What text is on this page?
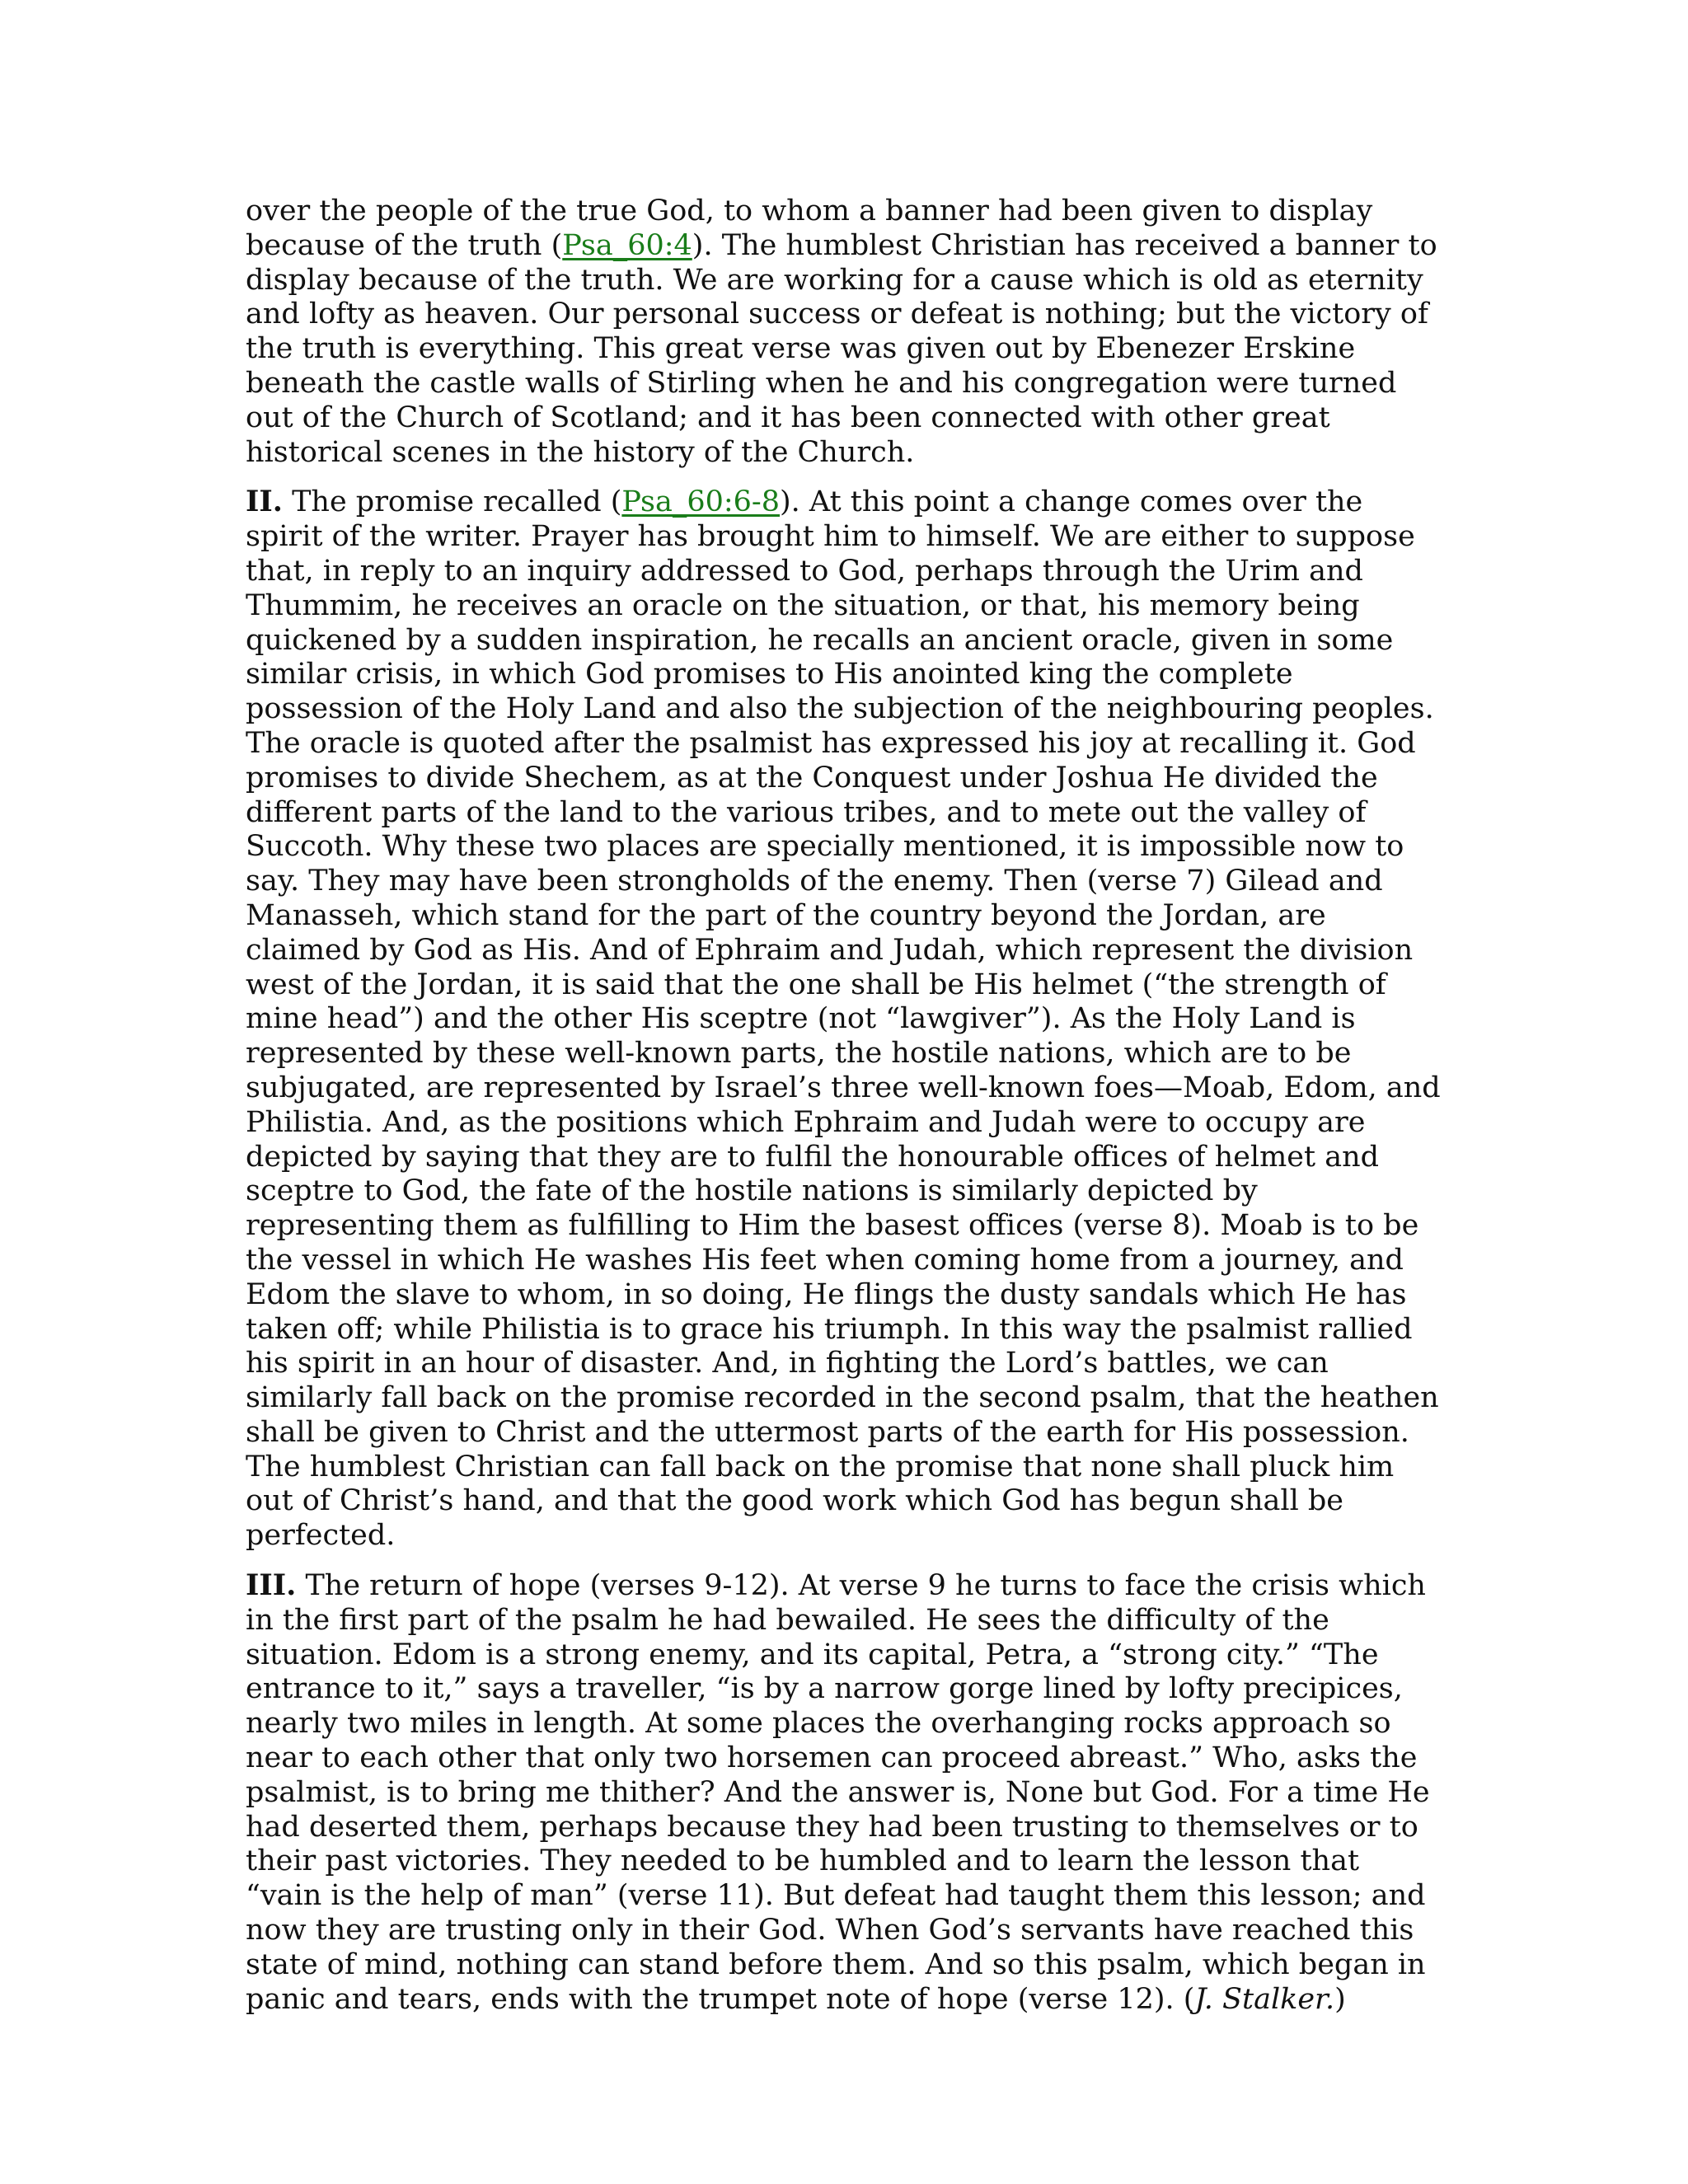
over the people of the true God, to whom a banner had been given to display because of the truth (Psa_60:4). The humblest Christian has received a banner to display because of the truth. We are working for a cause which is old as eternity and lofty as heaven. Our personal success or defeat is nothing; but the victory of the truth is everything. This great verse was given out by Ebenezer Erskine beneath the castle walls of Stirling when he and his congregation were turned out of the Church of Scotland; and it has been connected with other great historical scenes in the history of the Church.

II. The promise recalled (Psa_60:6-8). At this point a change comes over the spirit of the writer. Prayer has brought him to himself. We are either to suppose that, in reply to an inquiry addressed to God, perhaps through the Urim and Thummim, he receives an oracle on the situation, or that, his memory being quickened by a sudden inspiration, he recalls an ancient oracle, given in some similar crisis, in which God promises to His anointed king the complete possession of the Holy Land and also the subjection of the neighbouring peoples. The oracle is quoted after the psalmist has expressed his joy at recalling it. God promises to divide Shechem, as at the Conquest under Joshua He divided the different parts of the land to the various tribes, and to mete out the valley of Succoth. Why these two places are specially mentioned, it is impossible now to say. They may have been strongholds of the enemy. Then (verse 7) Gilead and Manasseh, which stand for the part of the country beyond the Jordan, are claimed by God as His. And of Ephraim and Judah, which represent the division west of the Jordan, it is said that the one shall be His helmet (“the strength of mine head”) and the other His sceptre (not “lawgiver”). As the Holy Land is represented by these well-known parts, the hostile nations, which are to be subjugated, are represented by Israel’s three well-known foes—Moab, Edom, and Philistia. And, as the positions which Ephraim and Judah were to occupy are depicted by saying that they are to fulfil the honourable offices of helmet and sceptre to God, the fate of the hostile nations is similarly depicted by representing them as fulfilling to Him the basest offices (verse 8). Moab is to be the vessel in which He washes His feet when coming home from a journey, and Edom the slave to whom, in so doing, He flings the dusty sandals which He has taken off; while Philistia is to grace his triumph. In this way the psalmist rallied his spirit in an hour of disaster. And, in fighting the Lord’s battles, we can similarly fall back on the promise recorded in the second psalm, that the heathen shall be given to Christ and the uttermost parts of the earth for His possession. The humblest Christian can fall back on the promise that none shall pluck him out of Christ’s hand, and that the good work which God has begun shall be perfected.

III. The return of hope (verses 9-12). At verse 9 he turns to face the crisis which in the first part of the psalm he had bewailed. He sees the difficulty of the situation. Edom is a strong enemy, and its capital, Petra, a “strong city.” “The entrance to it,” says a traveller, “is by a narrow gorge lined by lofty precipices, nearly two miles in length. At some places the overhanging rocks approach so near to each other that only two horsemen can proceed abreast.” Who, asks the psalmist, is to bring me thither? And the answer is, None but God. For a time He had deserted them, perhaps because they had been trusting to themselves or to their past victories. They needed to be humbled and to learn the lesson that “vain is the help of man” (verse 11). But defeat had taught them this lesson; and now they are trusting only in their God. When God’s servants have reached this state of mind, nothing can stand before them. And so this psalm, which began in panic and tears, ends with the trumpet note of hope (verse 12). (J. Stalker.)
